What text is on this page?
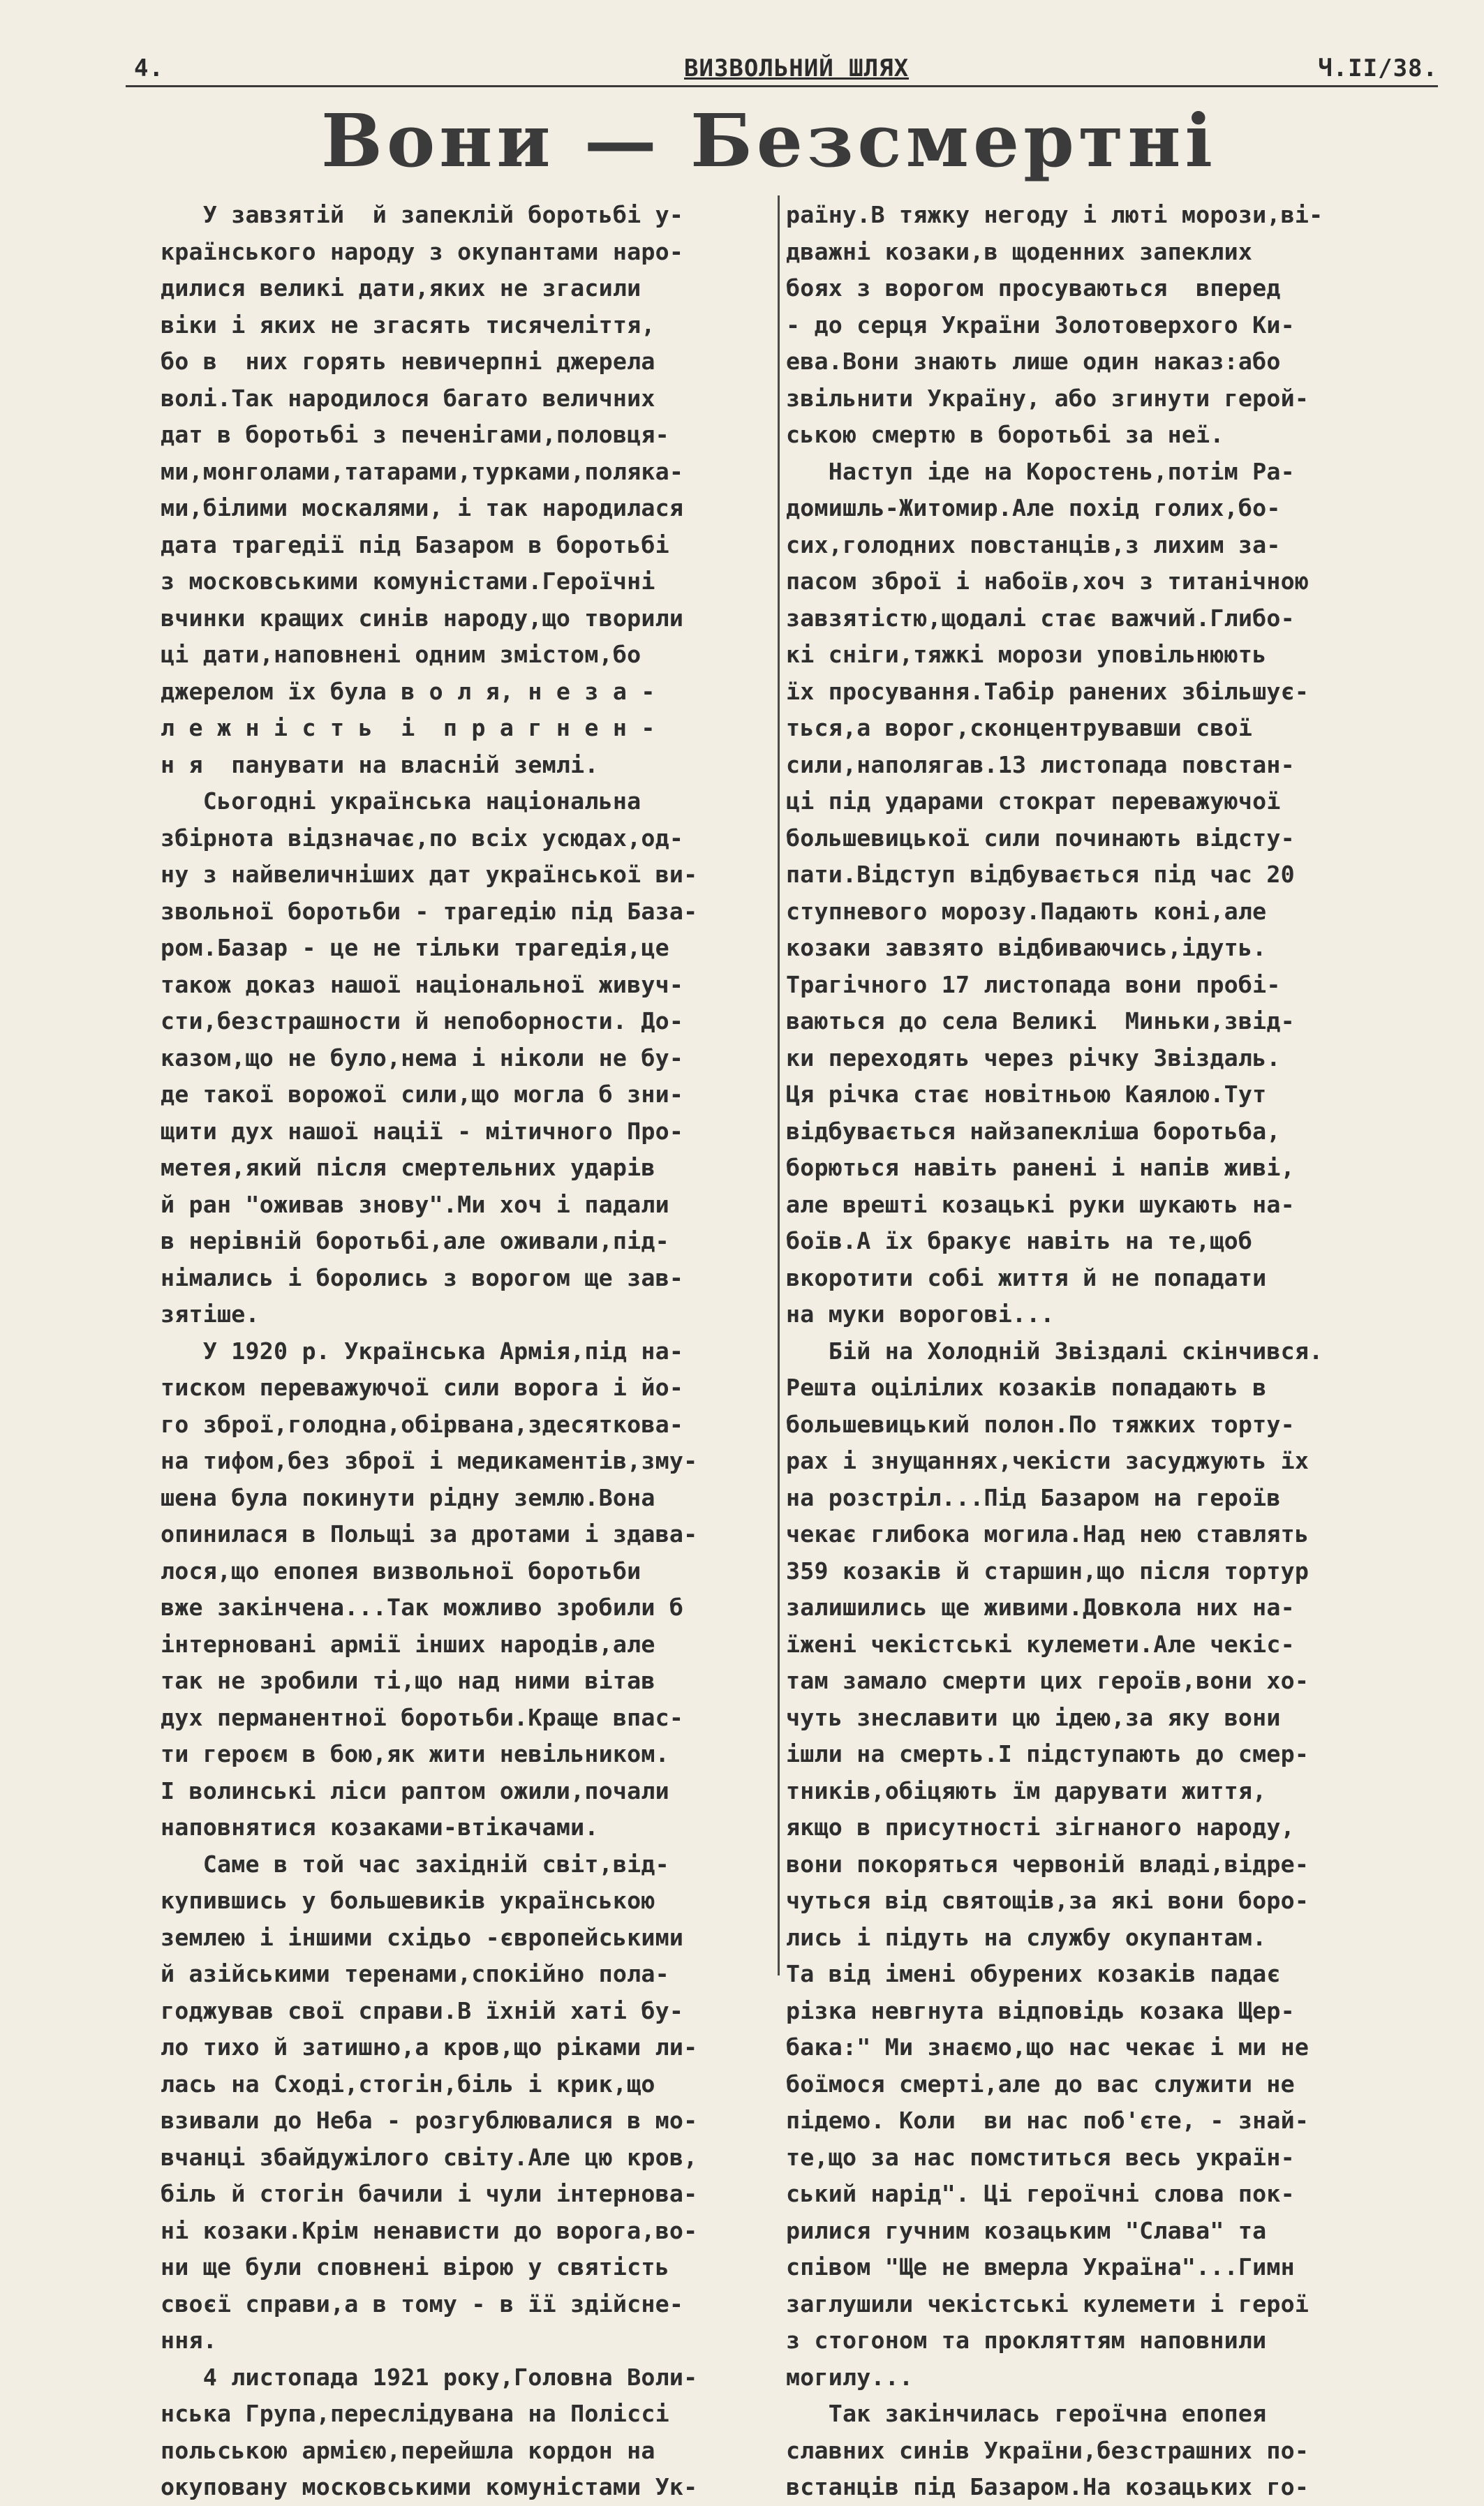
4.	ВИЗВОЛЬНИЙ ШЛЯХ	Ч.II/38.
Вони — Безсмертні

У завзятій  й запеклій боротьбі у-

країнського народу з окупантами наро-

дилися великі дати,яких не згасили

віки і яких не згасять тисячеліття,

бо в  них горять невичерпні джерела

волі.Так народилося багато величних

дат в боротьбі з печенігами,половця-

ми,монголами,татарами,турками,поляка-

ми,білими москалями, і так народилася

дата трагедії під Базаром в боротьбі

з московськими комуністами.Героїчні

вчинки кращих синів народу,що творили

ці дати,наповнені одним змістом,бо

джерелом їх була в о л я, н е з а -

л е ж н і с т ь  і  п р а г н е н -

н я  панувати на власній землі.

Сьогодні українська національна

збірнота відзначає,по всіх усюдах,од-

ну з найвеличніших дат української ви-

звольної боротьби - трагедію під База-

ром.Базар - це не тільки трагедія,це

також доказ нашої національної живуч-

сти,безстрашности й непоборности. До-

казом,що не було,нема і ніколи не бу-

де такої ворожої сили,що могла б зни-

щити дух нашої нації - мітичного Про-

метея,який після смертельних ударів

й ран "оживав знову".Ми хоч і падали

в нерівній боротьбі,але оживали,під-

німались і боролись з ворогом ще зав-

зятіше.

У 1920 р. Українська Армія,під на-

тиском переважуючої сили ворога і йо-

го зброї,голодна,обірвана,здесяткова-

на тифом,без зброї і медикаментів,зму-

шена була покинути рідну землю.Вона

опинилася в Польщі за дротами і здава-

лося,що епопея визвольної боротьби

вже закінчена...Так можливо зробили б

інтерновані армії інших народів,але

так не зробили ті,що над ними вітав

дух перманентної боротьби.Краще впас-

ти героєм в бою,як жити невільником.

І волинські ліси раптом ожили,почали

наповнятися козаками-втікачами.

Саме в той час західній світ,від-

купившись у большевиків українською

землею і іншими східьо -європейськими

й азійськими теренами,спокійно пола-

годжував свої справи.В їхній хаті бу-

ло тихо й затишно,а кров,що ріками ли-

лась на Сході,стогін,біль і крик,що

взивали до Неба - розгублювалися в мо-

вчанці збайдужілого світу.Але цю кров,

біль й стогін бачили і чули інтернова-

ні козаки.Крім ненависти до ворога,во-

ни ще були сповнені вірою у святість

своєї справи,а в тому - в її здійсне-

ння.

4 листопада 1921 року,Головна Воли-

нська Група,переслідувана на Поліссі

польською армією,перейшла кордон на

окуповану московськими комуністами Ук-

раїну.В тяжку негоду і люті морози,ві-

дважні козаки,в щоденних запеклих

боях з ворогом просуваються  вперед

- до серця України Золотоверхого Ки-

ева.Вони знають лише один наказ:або

звільнити Україну, або згинути герой-

ською смертю в боротьбі за неї.

Наступ іде на Коростень,потім Ра-

домишль-Житомир.Але похід голих,бо-

сих,голодних повстанців,з лихим за-

пасом зброї і набоїв,хоч з титанічною

завзятістю,щодалі стає важчий.Глибо-

кі сніги,тяжкі морози уповільнюють

їх просування.Табір ранених збільшує-

ться,а ворог,сконцентрувавши свої

сили,наполягав.13 листопада повстан-

ці під ударами стократ переважуючої

большевицької сили починають відсту-

пати.Відступ відбувається під час 20

ступневого морозу.Падають коні,але

козаки завзято відбиваючись,ідуть.

Трагічного 17 листопада вони пробі-

ваються до села Великі  Миньки,звід-

ки переходять через річку Звіздаль.

Ця річка стає новітньою Каялою.Тут

відбувається найзапекліша боротьба,

борються навіть ранені і напів живі,

але врешті козацькі руки шукають на-

боїв.А їх бракує навіть на те,щоб

вкоротити собі життя й не попадати

на муки ворогові...

Бій на Холодній Звіздалі скінчився.

Решта оцілілих козаків попадають в

большевицький полон.По тяжких торту-

рах і знущаннях,чекісти засуджують їх

на розстріл...Під Базаром на героїв

чекає глибока могила.Над нею ставлять

359 козаків й старшин,що після тортур

залишились ще живими.Довкола них на-

їжені чекістські кулемети.Але чекіс-

там замало смерти цих героїв,вони хо-

чуть знеславити цю ідею,за яку вони

ішли на смерть.І підступають до смер-

тників,обіцяють їм дарувати життя,

якщо в присутності зігнаного народу,

вони покоряться червоній владі,відре-

чуться від святощів,за які вони боро-

лись і підуть на службу окупантам.

Та від імені обурених козаків падає

різка невгнута відповідь козака Щер-

бака:" Ми знаємо,що нас чекає і ми не

боїмося смерті,але до вас служити не

підемо. Коли  ви нас поб'єте, - знай-

те,що за нас помститься весь україн-

ський нарід". Ці героїчні слова пок-

рилися гучним козацьким "Слава" та

співом "Ще не вмерла Україна"...Гимн

заглушили чекістські кулемети і герої

з стогоном та прокляттям наповнили

могилу...

Так закінчилась героїчна епопея

славних синів України,безстрашних по-

встанців під Базаром.На козацьких го-
